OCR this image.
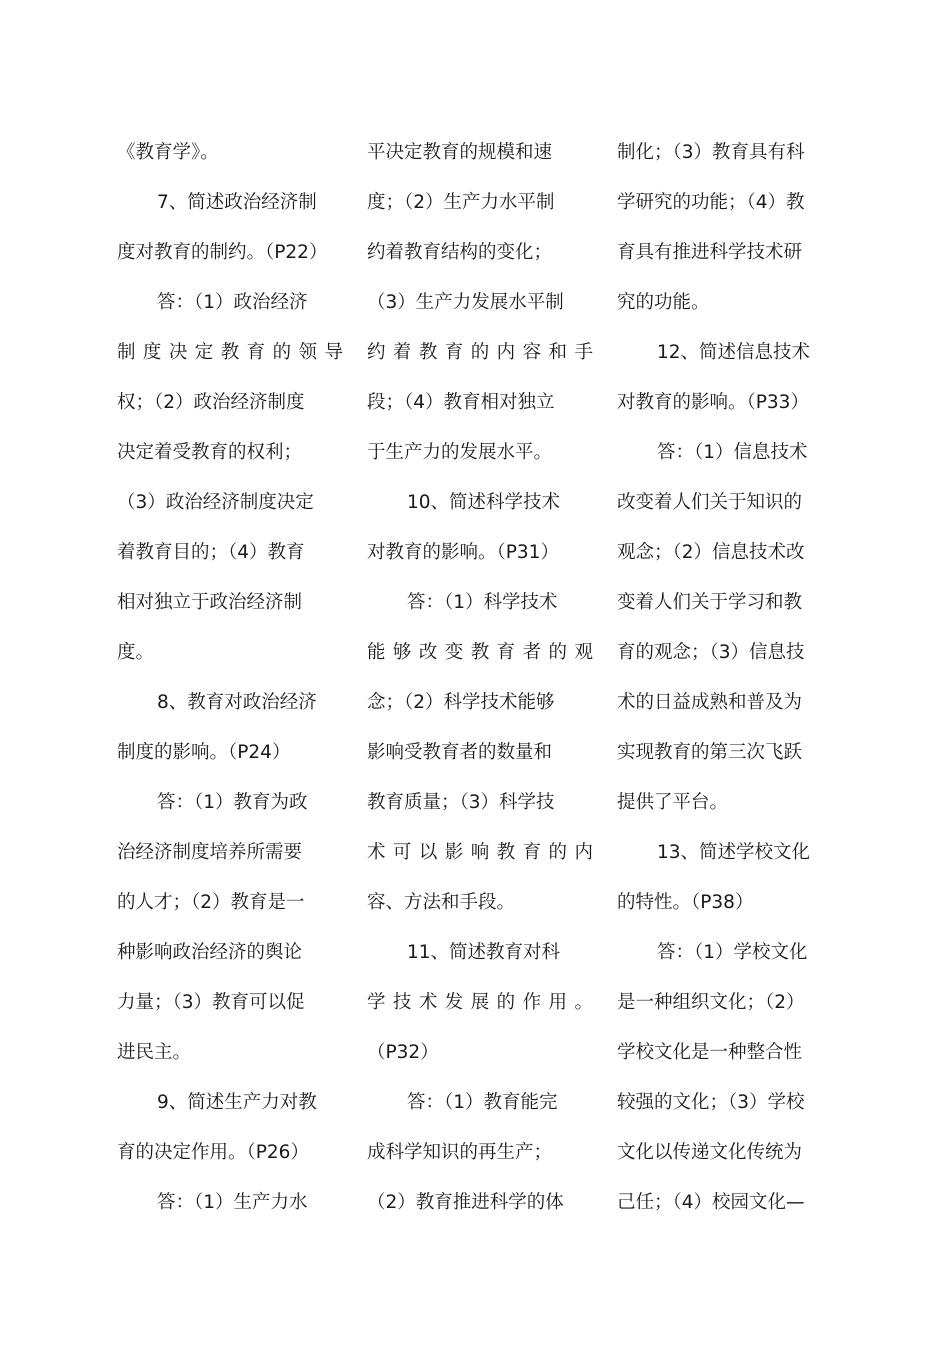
《教育学》。
7、简述政治经济制
度对教育的制约。（P22）
答：（1）政治经济
制度决定教育的领导
权；（2）政治经济制度
决定着受教育的权利；
（3）政治经济制度决定
着教育目的；（4）教育
相对独立于政治经济制
度。
8、教育对政治经济
制度的影响。（P24）
答：（1）教育为政
治经济制度培养所需要
的人才；（2）教育是一
种影响政治经济的舆论
力量；（3）教育可以促
进民主。
9、简述生产力对教
育的决定作用。（P26）
答：（1）生产力水
平决定教育的规模和速
度；（2）生产力水平制
约着教育结构的变化；
（3）生产力发展水平制
约着教育的内容和手
段；（4）教育相对独立
于生产力的发展水平。
10、简述科学技术
对教育的影响。（P31）
答：（1）科学技术
能够改变教育者的观
念；（2）科学技术能够
影响受教育者的数量和
教育质量；（3）科学技
术可以影响教育的内
容、方法和手段。
11、简述教育对科
学技术发展的作用。
（P32）
答：（1）教育能完
成科学知识的再生产；
（2）教育推进科学的体
制化；（3）教育具有科
学研究的功能；（4）教
育具有推进科学技术研
究的功能。
12、简述信息技术
对教育的影响。（P33）
答：（1）信息技术
改变着人们关于知识的
观念；（2）信息技术改
变着人们关于学习和教
育的观念；（3）信息技
术的日益成熟和普及为
实现教育的第三次飞跃
提供了平台。
13、简述学校文化
的特性。（P38）
答：（1）学校文化
是一种组织文化；（2）
学校文化是一种整合性
较强的文化；（3）学校
文化以传递文化传统为
己任；（4）校园文化—
